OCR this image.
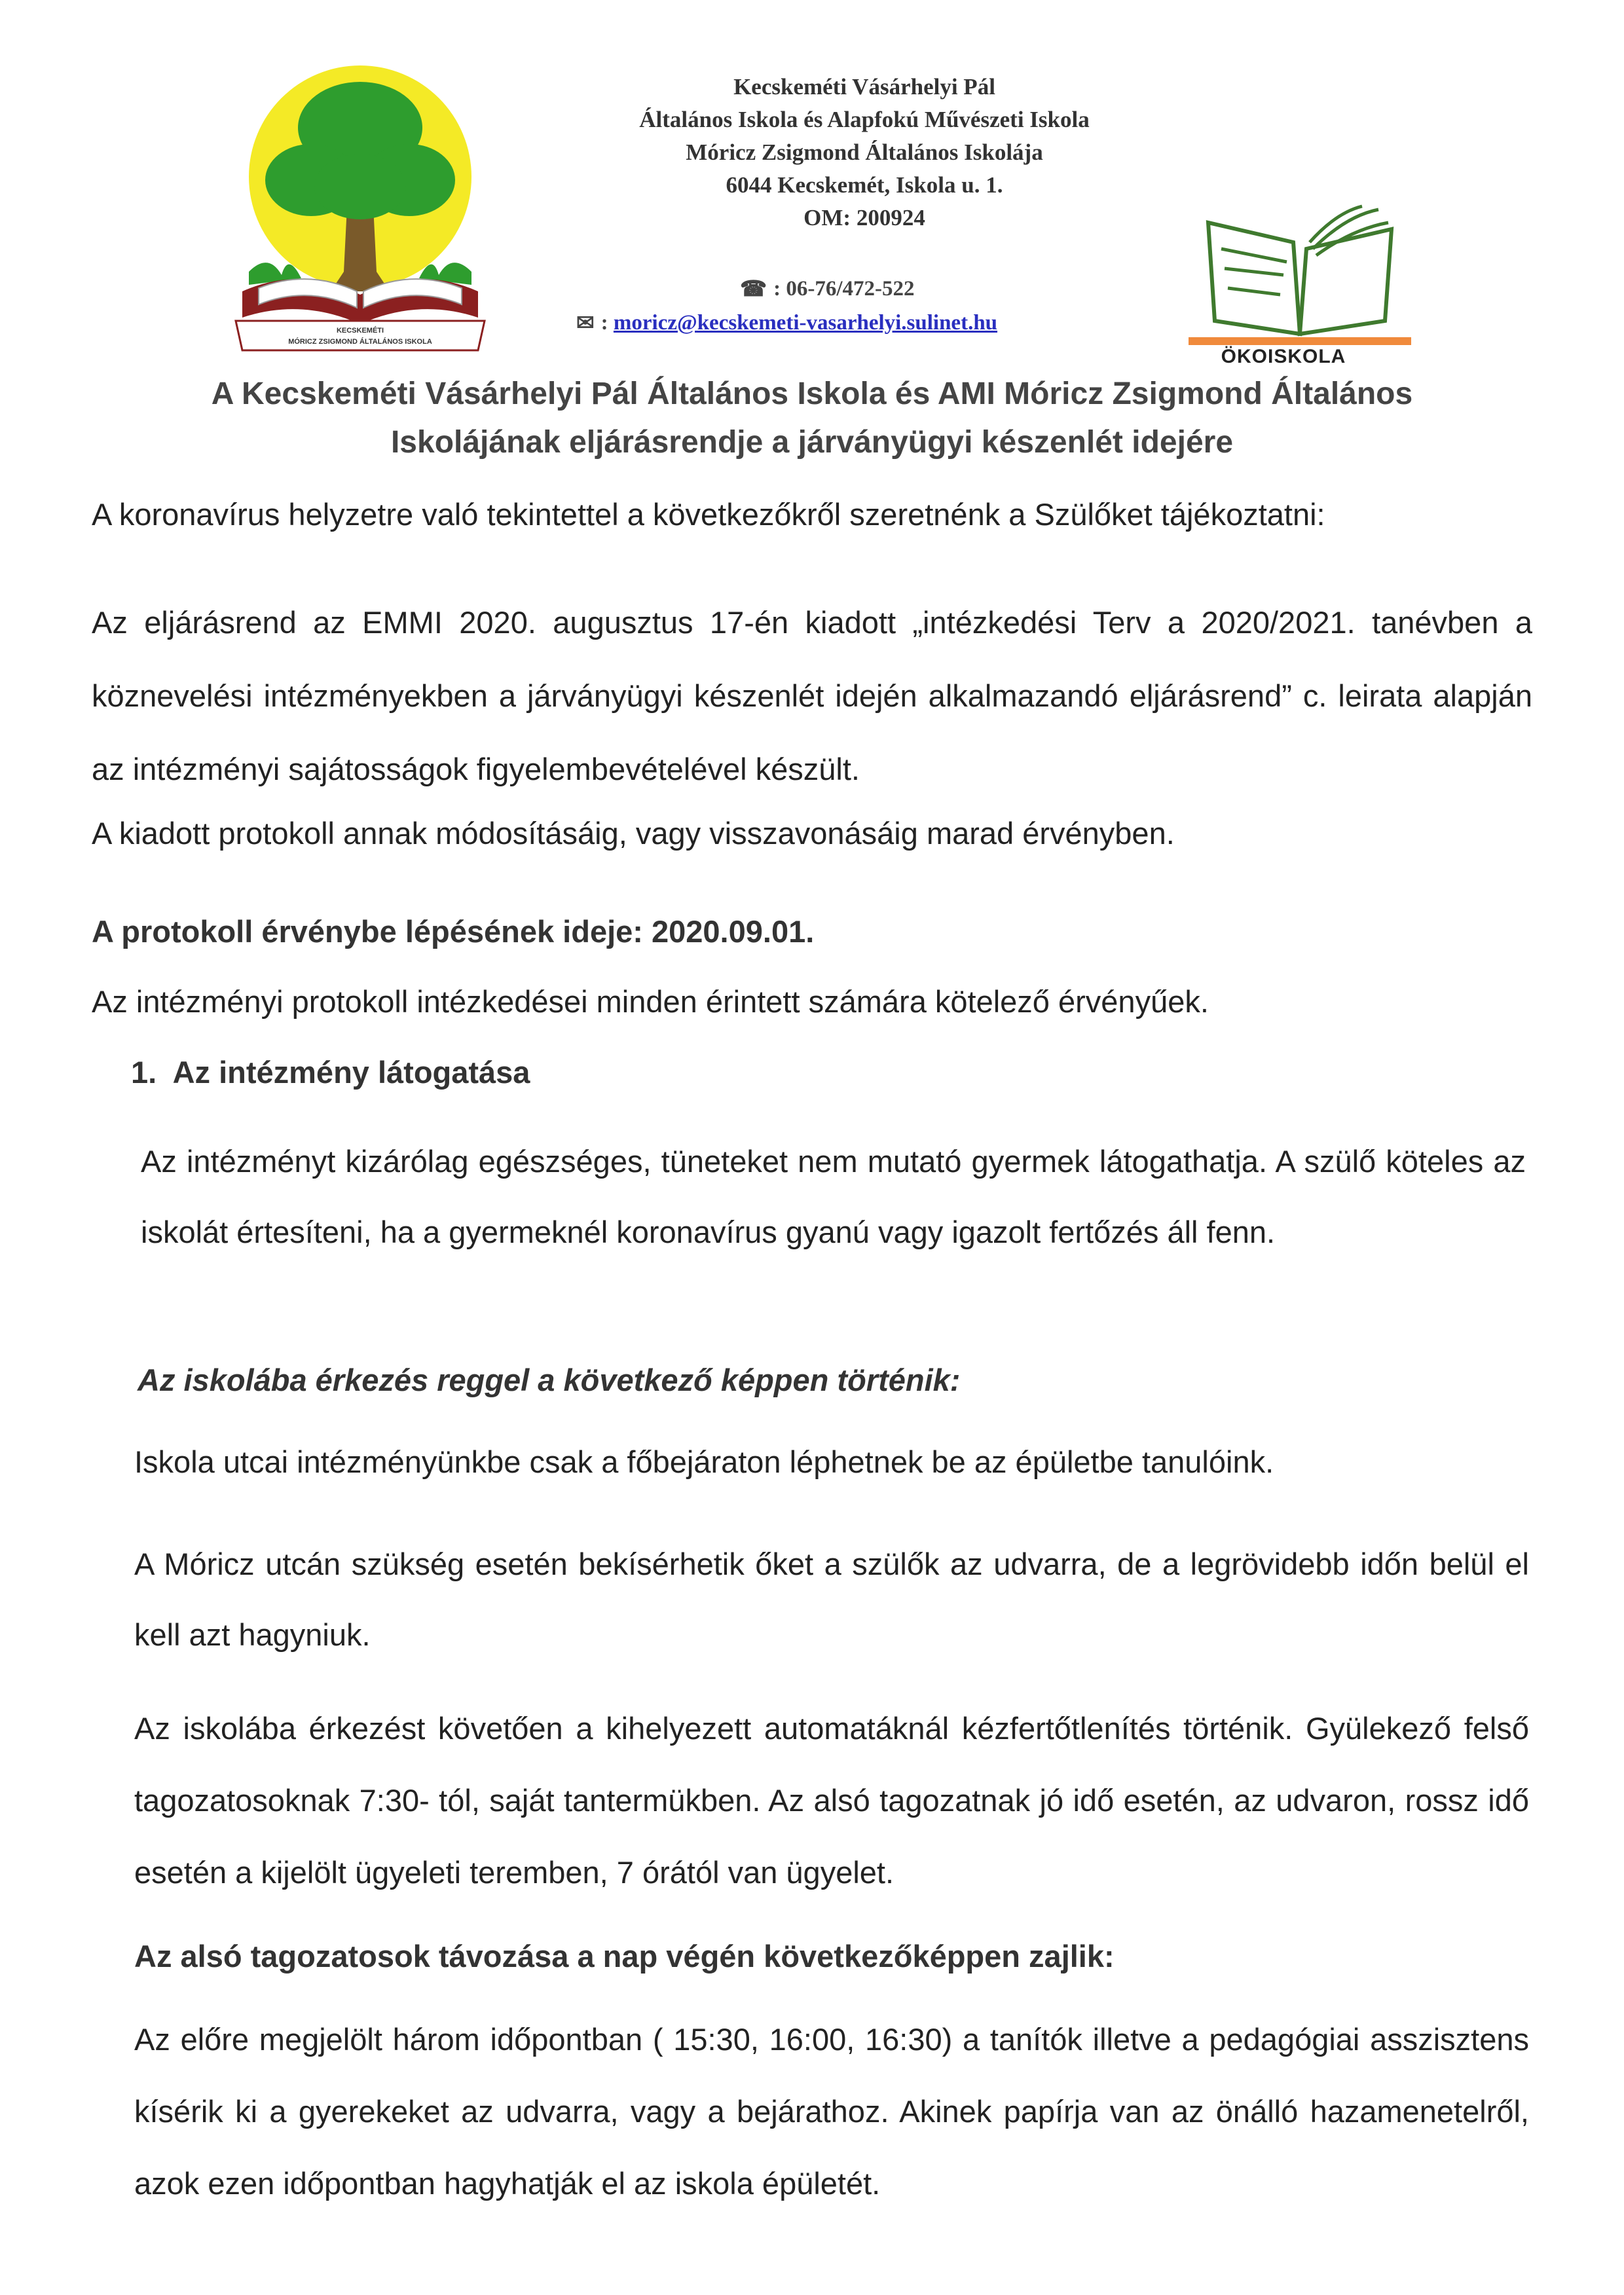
KECSKEMÉTI
MÓRICZ ZSIGMOND ÁLTALÁNOS ISKOLA
Kecskeméti Vásárhelyi Pál
Általános Iskola és Alapfokú Művészeti Iskola
Móricz Zsigmond Általános Iskolája
6044 Kecskemét, Iskola u. 1.
OM: 200924
☎ : 06-76/472-522
✉ :
moricz@kecskemeti-vasarhelyi.sulinet.hu
ÖKOISKOLA
A Kecskeméti Vásárhelyi Pál Általános Iskola és AMI Móricz Zsigmond Általános
Iskolájának eljárásrendje a járványügyi készenlét idejére
A koronavírus helyzetre való tekintettel a következőkről szeretnénk a Szülőket tájékoztatni:
Az eljárásrend az EMMI 2020. augusztus 17-én kiadott „intézkedési Terv a 2020/2021. tanévben a köznevelési intézményekben a járványügyi készenlét idején alkalmazandó eljárásrend” c. leirata alapján az intézményi sajátosságok figyelembevételével készült.
A kiadott protokoll annak módosításáig, vagy visszavonásáig marad érvényben.
A protokoll érvénybe lépésének ideje: 2020.09.01.
Az intézményi protokoll intézkedései minden érintett számára kötelező érvényűek.
1. Az intézmény látogatása
Az intézményt kizárólag egészséges, tüneteket nem mutató gyermek látogathatja. A szülő köteles az iskolát értesíteni, ha a gyermeknél koronavírus gyanú vagy igazolt fertőzés áll fenn.
Az iskolába érkezés reggel a következő képpen történik:
Iskola utcai intézményünkbe csak a főbejáraton léphetnek be az épületbe tanulóink.
A Móricz utcán szükség esetén bekísérhetik őket a szülők az udvarra, de a legrövidebb időn belül el kell azt hagyniuk.
Az iskolába érkezést követően a kihelyezett automatáknál kézfertőtlenítés történik. Gyülekező felső tagozatosoknak 7:30- tól, saját tantermükben. Az alsó tagozatnak jó idő esetén, az udvaron, rossz idő esetén a kijelölt ügyeleti teremben, 7 órától van ügyelet.
Az alsó tagozatosok távozása a nap végén következőképpen zajlik:
Az előre megjelölt három időpontban ( 15:30, 16:00, 16:30) a tanítók illetve a pedagógiai asszisztens kísérik ki a gyerekeket az udvarra, vagy a bejárathoz. Akinek papírja van az önálló hazamenetelről, azok ezen időpontban hagyhatják el az iskola épületét.
